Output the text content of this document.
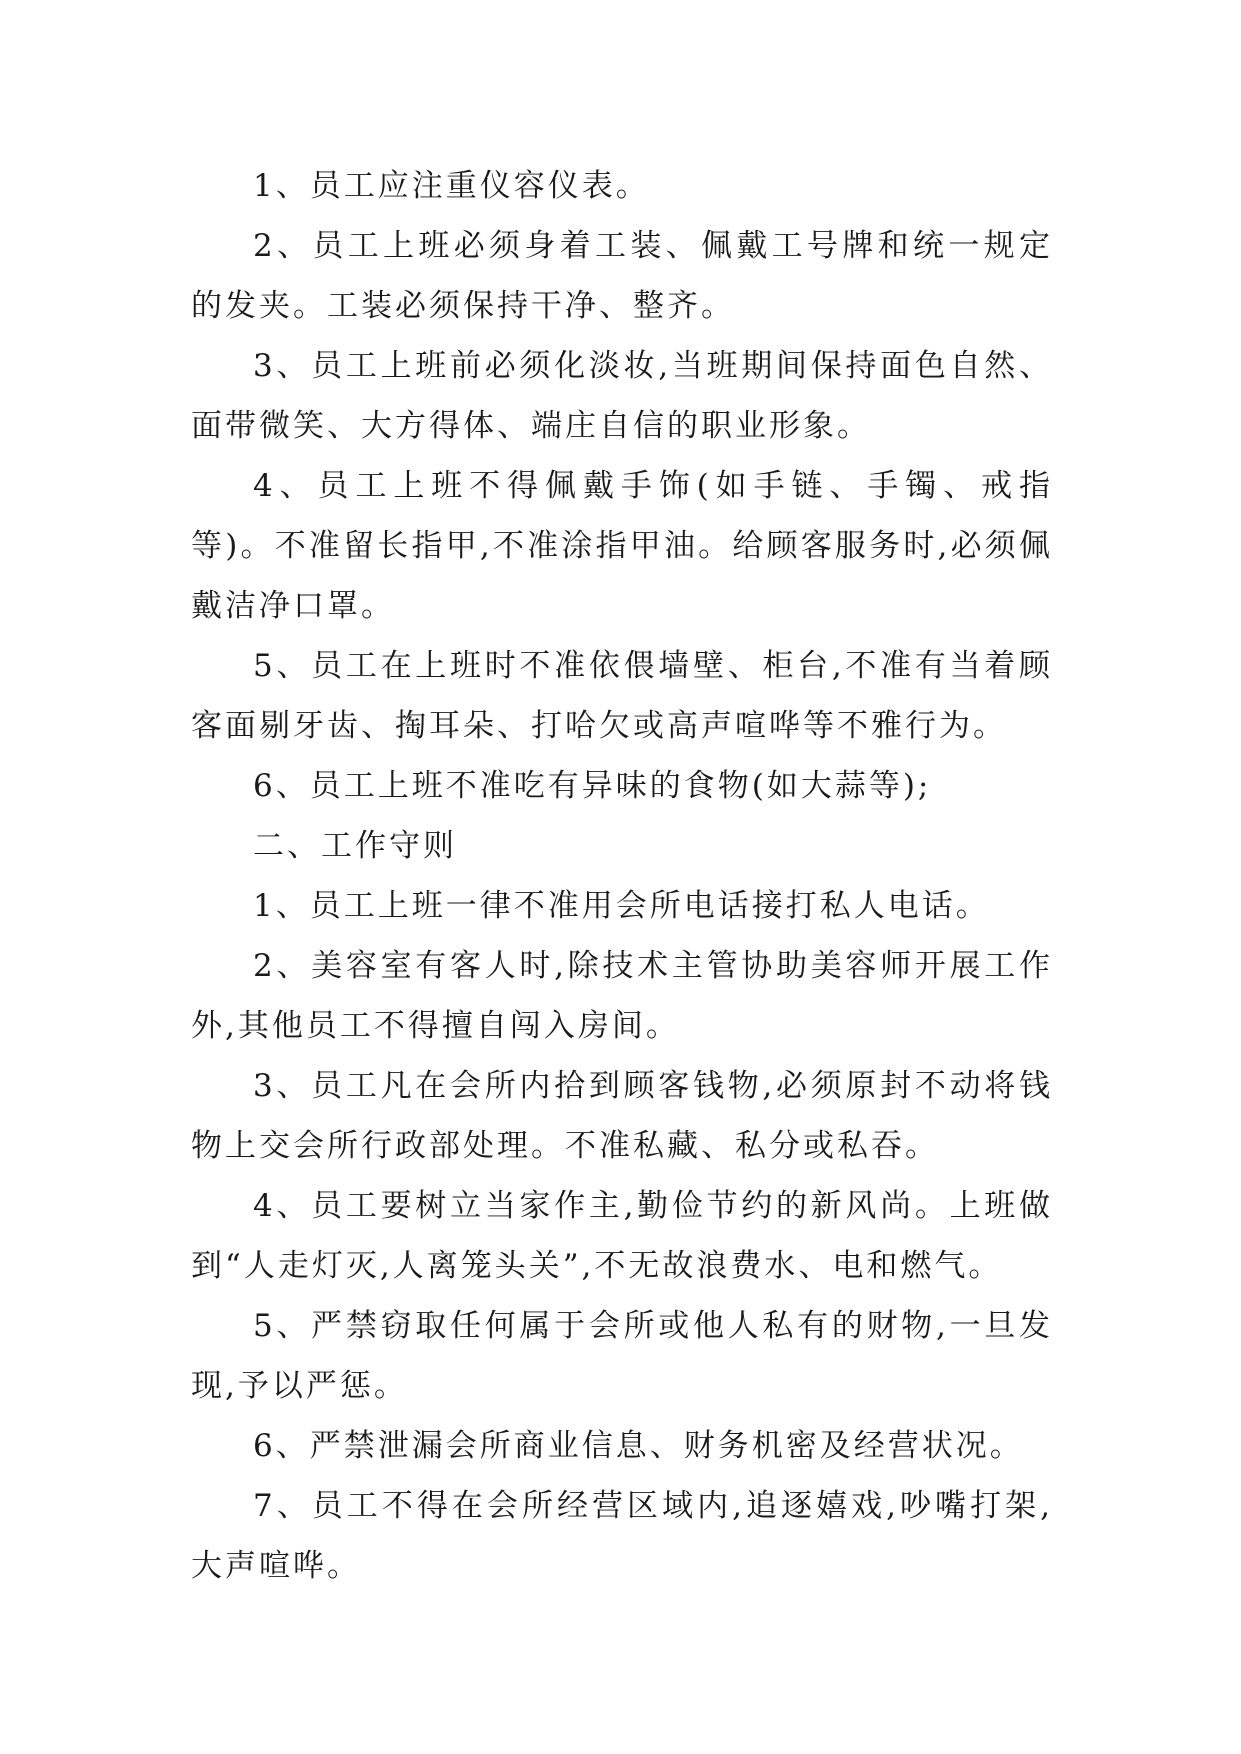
1、员工应注重仪容仪表。

2、员工上班必须身着工装、佩戴工号牌和统一规定的发夹。工装必须保持干净、整齐。

3、员工上班前必须化淡妆,当班期间保持面色自然、面带微笑、大方得体、端庄自信的职业形象。

4、员工上班不得佩戴手饰(如手链、手镯、戒指等)。不准留长指甲,不准涂指甲油。给顾客服务时,必须佩戴洁净口罩。

5、员工在上班时不准依偎墙壁、柜台,不准有当着顾客面剔牙齿、掏耳朵、打哈欠或高声喧哗等不雅行为。

6、员工上班不准吃有异味的食物(如大蒜等);

二、工作守则

1、员工上班一律不准用会所电话接打私人电话。

2、美容室有客人时,除技术主管协助美容师开展工作外,其他员工不得擅自闯入房间。

3、员工凡在会所内拾到顾客钱物,必须原封不动将钱物上交会所行政部处理。不准私藏、私分或私吞。

4、员工要树立当家作主,勤俭节约的新风尚。上班做到“人走灯灭,人离笼头关”,不无故浪费水、电和燃气。

5、严禁窃取任何属于会所或他人私有的财物,一旦发现,予以严惩。

6、严禁泄漏会所商业信息、财务机密及经营状况。

7、员工不得在会所经营区域内,追逐嬉戏,吵嘴打架,大声喧哗。
